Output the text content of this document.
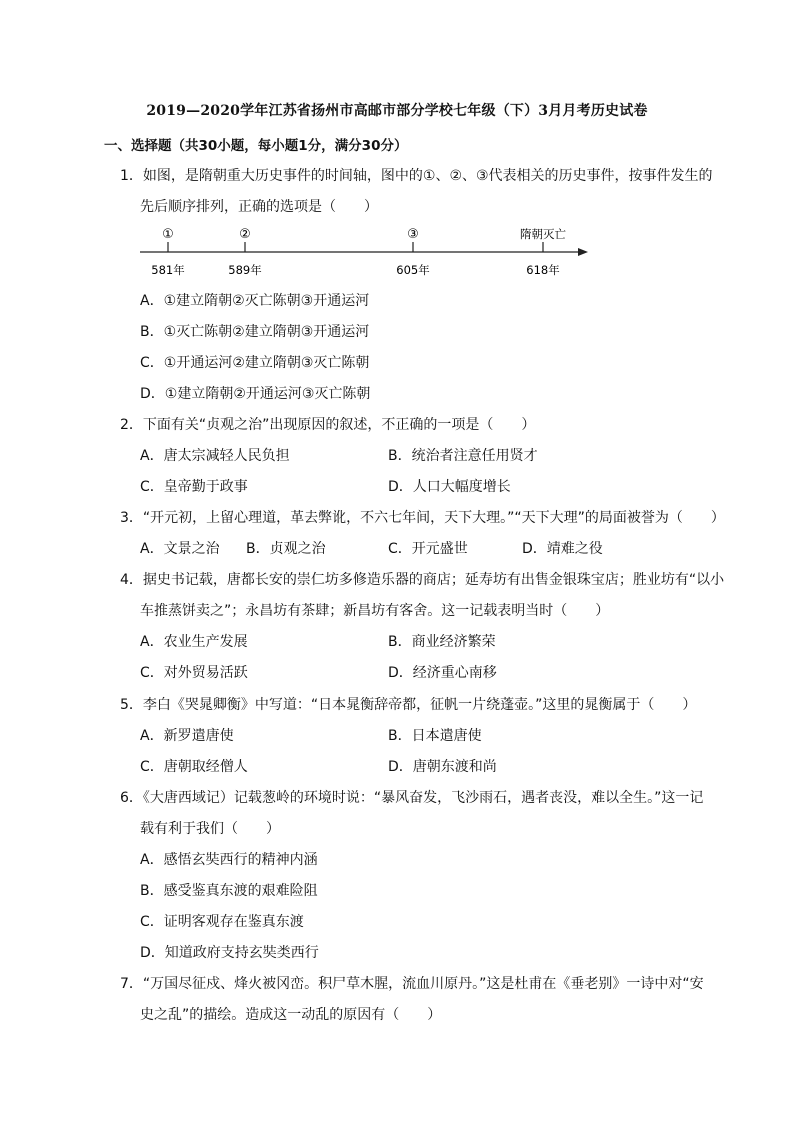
2019—2020学年江苏省扬州市高邮市部分学校七年级（下）3月月考历史试卷
一、选择题（共30小题，每小题1分，满分30分）
1．如图，是隋朝重大历史事件的时间轴，图中的①、②、③代表相关的历史事件，按事件发生的
先后顺序排列，正确的选项是（　　）
①	②	③	隋朝灭亡
581年	589年	605年	618年
A．①建立隋朝②灭亡陈朝③开通运河
B．①灭亡陈朝②建立隋朝③开通运河
C．①开通运河②建立隋朝③灭亡陈朝
D．①建立隋朝②开通运河③灭亡陈朝
2．下面有关“贞观之治”出现原因的叙述，不正确的一项是（　　）
A．唐太宗减轻人民负担	B．统治者注意任用贤才
C．皇帝勤于政事	D．人口大幅度增长
3．“开元初，上留心理道，革去弊讹，不六七年间，天下大理。”“天下大理”的局面被誉为（　　）
A．文景之治 B．贞观之治	C．开元盛世	D．靖难之役
4．据史书记载，唐都长安的崇仁坊多修造乐器的商店；延寿坊有出售金银珠宝店；胜业坊有“以小
车推蒸饼卖之”；永昌坊有茶肆；新昌坊有客舍。这一记载表明当时（　　）
A．农业生产发展	B．商业经济繁荣
C．对外贸易活跃	D．经济重心南移
5．李白《哭晁卿衡》中写道：“日本晁衡辞帝都，征帆一片绕蓬壶。”这里的晁衡属于（　　）
A．新罗遣唐使	B．日本遣唐使
C．唐朝取经僧人	D．唐朝东渡和尚
6．《大唐西域记）记载葱岭的环境时说：“暴风奋发，飞沙雨石，遇者丧没，难以全生。”这一记
载有利于我们（　　）
A．感悟玄奘西行的精神内涵
B．感受鉴真东渡的艰难险阻
C．证明客观存在鉴真东渡
D．知道政府支持玄奘类西行
7．“万国尽征戍、烽火被冈峦。积尸草木腥，流血川原丹。”这是杜甫在《垂老别》一诗中对“安
史之乱”的描绘。造成这一动乱的原因有（　　）
